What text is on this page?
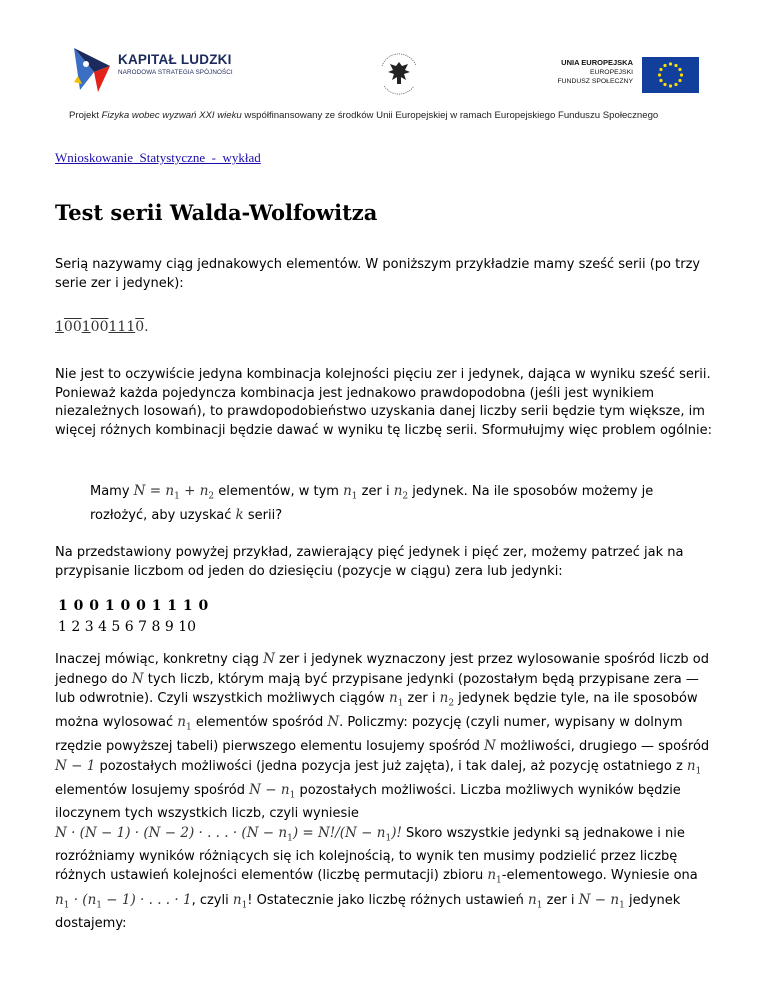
KAPITAŁ LUDZKI
NARODOWA STRATEGIA SPÓJNOŚCI
UNIA EUROPEJSKA
EUROPEJSKI
FUNDUSZ SPOŁECZNY
Projekt Fizyka wobec wyzwań XXI wieku współfinansowany ze środków Unii Europejskiej w ramach Europejskiego Funduszu Społecznego
Wnioskowanie_Statystyczne_-_wykład
Test serii Walda-Wolfowitza

Serią nazywamy ciąg jednakowych elementów. W poniższym przykładzie mamy sześć serii (po trzy serie zer i jedynek):

1001001110.

Nie jest to oczywiście jedyna kombinacja kolejności pięciu zer i jedynek, dająca w wyniku sześć serii. Ponieważ każda pojedyncza kombinacja jest jednakowo prawdopodobna (jeśli jest wynikiem niezależnych losowań), to prawdopodobieństwo uzyskania danej liczby serii będzie tym większe, im więcej różnych kombinacji będzie dawać w wyniku tę liczbę serii. Sformułujmy więc problem ogólnie:

Mamy $N = n_1 + n_2$ elementów, w tym $n_1$ zer i $n_2$ jedynek. Na ile sposobów możemy je rozłożyć, aby uzyskać k serii?

Na przedstawiony powyżej przykład, zawierający pięć jedynek i pięć zer, możemy patrzeć jak na przypisanie liczbom od jeden do dziesięciu (pozycje w ciągu) zera lub jedynki:

1 0 0 1 0 0 1 1 1 0
1 2 3 4 5 6 7 8 9 10
Inaczej mówiąc, konkretny ciąg N zer i jedynek wyznaczony jest przez wylosowanie spośród liczb od jednego do N tych liczb, którym mają być przypisane jedynki (pozostałym będą przypisane zera — lub odwrotnie). Czyli wszystkich możliwych ciągów $n_1$ zer i $n_2$ jedynek będzie tyle, na ile sposobów można wylosować $n_1$ elementów spośród N. Policzmy: pozycję (czyli numer, wypisany w dolnym rzędzie powyższej tabeli) pierwszego elementu losujemy spośród N możliwości, drugiego — spośród N − 1 pozostałych możliwości (jedna pozycja jest już zajęta), i tak dalej, aż pozycję ostatniego z $n_1$ elementów losujemy spośród $N - n_1$ pozostałych możliwości. Liczba możliwych wyników będzie iloczynem tych wszystkich liczb, czyli wyniesie
N · (N − 1) · (N − 2) · . . . · $(N - n_1) = N!/(N - n_1)$! Skoro wszystkie jedynki są jednakowe i nie rozróżniamy wyników różniących się ich kolejnością, to wynik ten musimy podzielić przez liczbę różnych ustawień kolejności elementów (liczbę permutacji) zbioru $n_1$-elementowego. Wyniesie ona
$n_1 \cdot (n_1 - 1)$ · . . . · 1, czyli $n_1$! Ostatecznie jako liczbę różnych ustawień $n_1$ zer i $N - n_1$ jedynek dostajemy:
